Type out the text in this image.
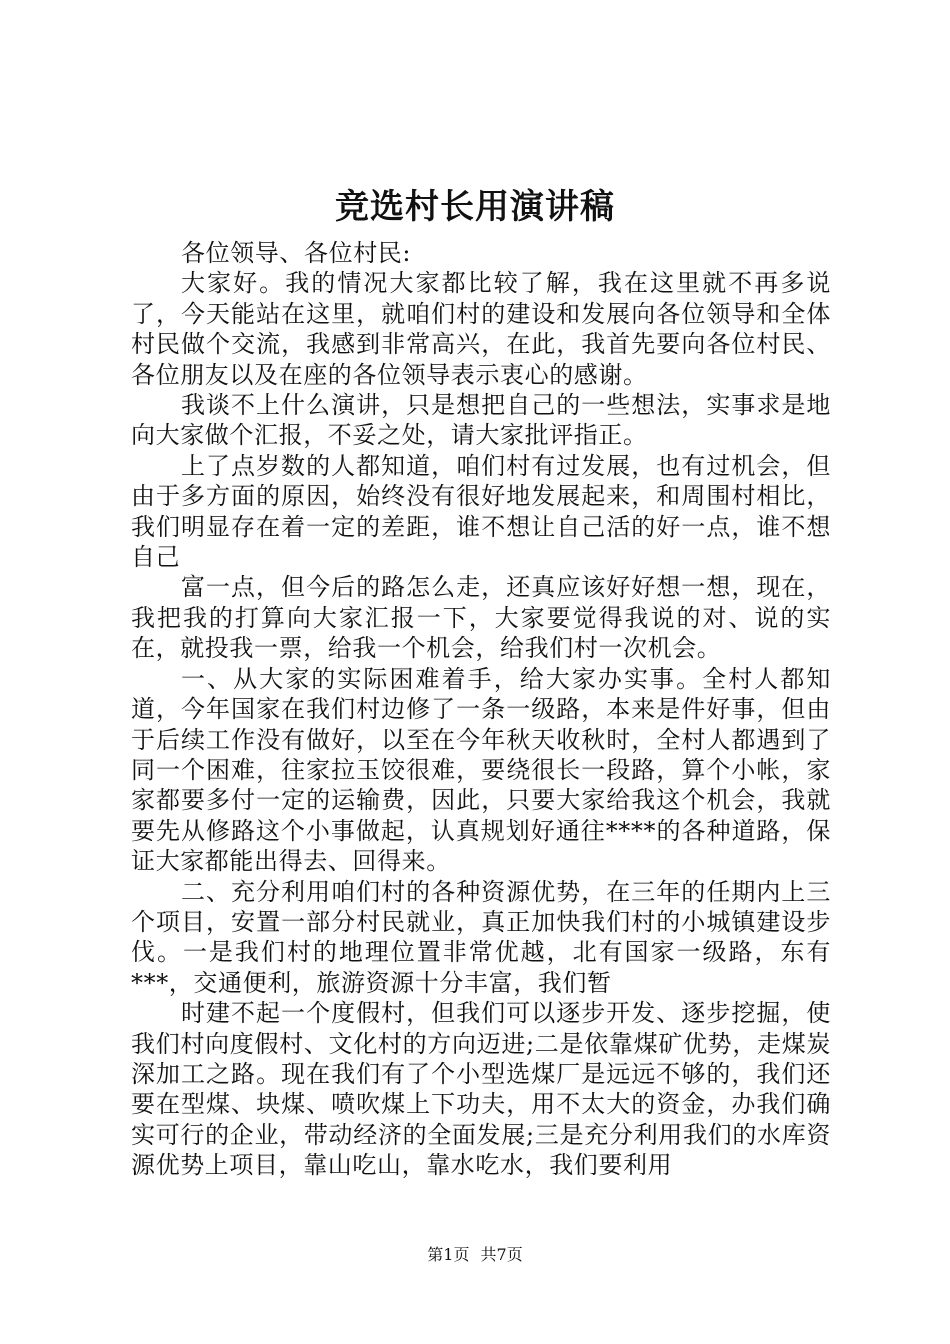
竞选村长用演讲稿

各位领导、各位村民:

大家好。我的情况大家都比较了解，我在这里就不再多说了，今天能站在这里，就咱们村的建设和发展向各位领导和全体村民做个交流，我感到非常高兴，在此，我首先要向各位村民、各位朋友以及在座的各位领导表示衷心的感谢。

我谈不上什么演讲，只是想把自己的一些想法，实事求是地向大家做个汇报，不妥之处，请大家批评指正。

上了点岁数的人都知道，咱们村有过发展，也有过机会，但由于多方面的原因，始终没有很好地发展起来，和周围村相比，我们明显存在着一定的差距，谁不想让自己活的好一点，谁不想自己

富一点，但今后的路怎么走，还真应该好好想一想，现在，我把我的打算向大家汇报一下，大家要觉得我说的对、说的实在，就投我一票，给我一个机会，给我们村一次机会。

一、从大家的实际困难着手，给大家办实事。全村人都知道，今年国家在我们村边修了一条一级路，本来是件好事，但由于后续工作没有做好，以至在今年秋天收秋时，全村人都遇到了同一个困难，往家拉玉饺很难，要绕很长一段路，算个小帐，家家都要多付一定的运输费，因此，只要大家给我这个机会，我就要先从修路这个小事做起，认真规划好通往****的各种道路，保证大家都能出得去、回得来。

二、充分利用咱们村的各种资源优势，在三年的任期内上三个项目，安置一部分村民就业，真正加快我们村的小城镇建设步伐。一是我们村的地理位置非常优越，北有国家一级路，东有***，交通便利，旅游资源十分丰富，我们暂

时建不起一个度假村，但我们可以逐步开发、逐步挖掘，使我们村向度假村、文化村的方向迈进;二是依靠煤矿优势，走煤炭深加工之路。现在我们有了个小型选煤厂是远远不够的，我们还要在型煤、块煤、喷吹煤上下功夫，用不太大的资金，办我们确实可行的企业，带动经济的全面发展;三是充分利用我们的水库资源优势上项目，靠山吃山，靠水吃水，我们要利用

第1页 共7页
